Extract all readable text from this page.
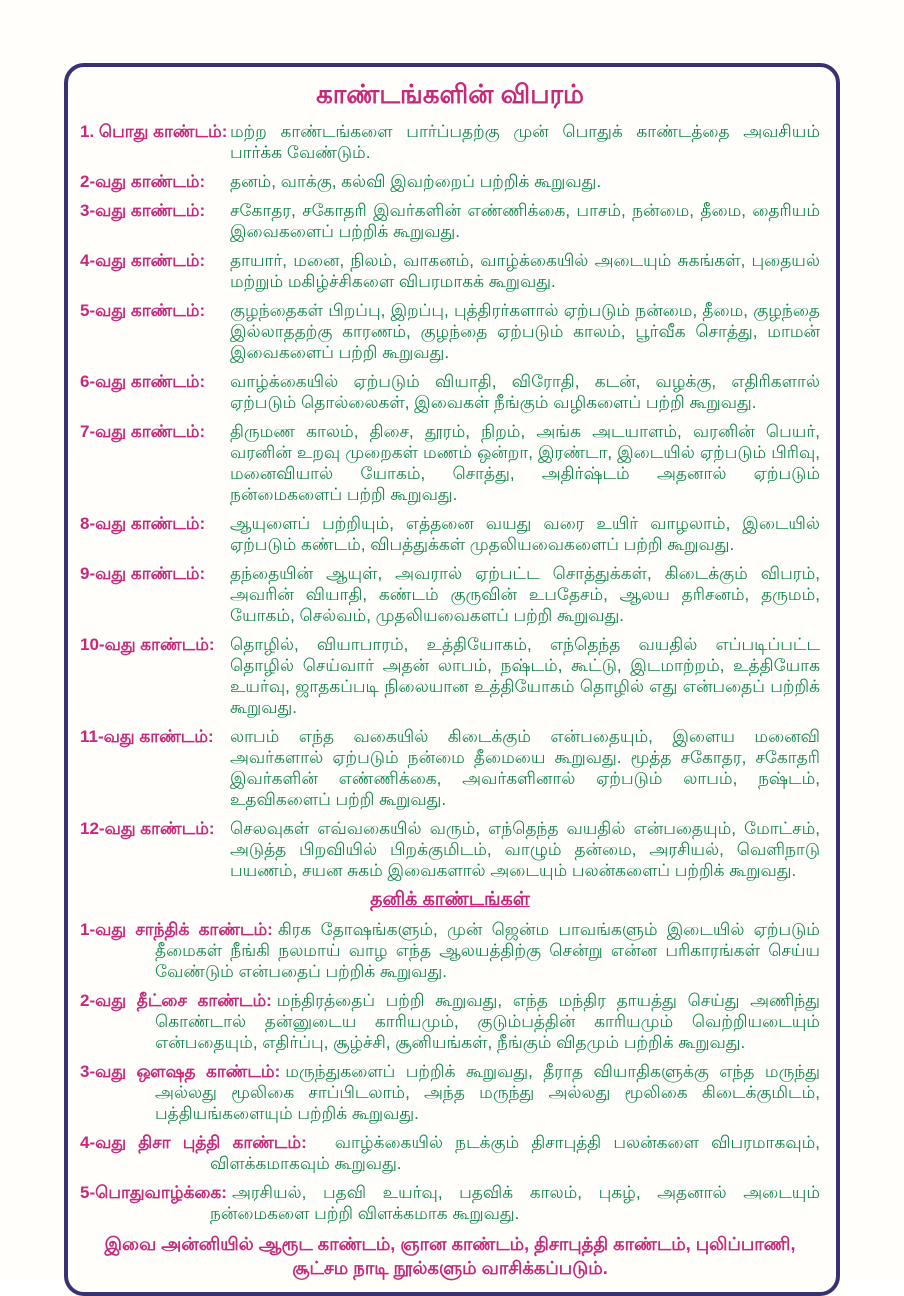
காண்டங்களின் விபரம்
1. பொது காண்டம்: மற்ற காண்டங்களை பார்ப்பதற்கு முன் பொதுக் காண்டத்தை அவசியம் பார்க்க வேண்டும்.
2-வது காண்டம்:	தனம், வாக்கு, கல்வி இவற்றைப் பற்றிக் கூறுவது.
3-வது காண்டம்:	சகோதர, சகோதரி இவர்களின் எண்ணிக்கை, பாசம், நன்மை, தீமை, தைரியம் இவைகளைப் பற்றிக் கூறுவது.
4-வது காண்டம்:	தாயார், மனை, நிலம், வாகனம், வாழ்க்கையில் அடையும் சுகங்கள், புதையல் மற்றும் மகிழ்ச்சிகளை விபரமாகக் கூறுவது.
5-வது காண்டம்:	குழந்தைகள் பிறப்பு, இறப்பு, புத்திரர்களால் ஏற்படும் நன்மை, தீமை, குழந்தை இல்லாததற்கு காரணம், குழந்தை ஏற்படும் காலம், பூர்வீக சொத்து, மாமன் இவைகளைப் பற்றி கூறுவது.
6-வது காண்டம்:	வாழ்க்கையில் ஏற்படும் வியாதி, விரோதி, கடன், வழக்கு, எதிரிகளால் ஏற்படும் தொல்லைகள், இவைகள் நீங்கும் வழிகளைப் பற்றி கூறுவது.
7-வது காண்டம்:	திருமண காலம், திசை, தூரம், நிறம், அங்க அடயாளம், வரனின் பெயர், வரனின் உறவு முறைகள் மணம் ஒன்றா, இரண்டா, இடையில் ஏற்படும் பிரிவு, மனைவியால் யோகம், சொத்து, அதிர்ஷ்டம் அதனால் ஏற்படும் நன்மைகளைப் பற்றி கூறுவது.
8-வது காண்டம்:	ஆயுளைப் பற்றியும், எத்தனை வயது வரை உயிர் வாழலாம், இடையில் ஏற்படும் கண்டம், விபத்துக்கள் முதலியவைகளைப் பற்றி கூறுவது.
9-வது காண்டம்:	தந்தையின் ஆயுள், அவரால் ஏற்பட்ட சொத்துக்கள், கிடைக்கும் விபரம், அவரின் வியாதி, கண்டம் குருவின் உபதேசம், ஆலய தரிசனம், தருமம், யோகம், செல்வம், முதலியவைகளப் பற்றி கூறுவது.
10-வது காண்டம்: தொழில், வியாபாரம், உத்தியோகம், எந்தெந்த வயதில் எப்படிப்பட்ட தொழில் செய்வார் அதன் லாபம், நஷ்டம், கூட்டு, இடமாற்றம், உத்தியோக உயர்வு, ஜாதகப்படி நிலையான உத்தியோகம் தொழில் எது என்பதைப் பற்றிக் கூறுவது.
11-வது காண்டம்: லாபம் எந்த வகையில் கிடைக்கும் என்பதையும், இளைய மனைவி அவர்களால் ஏற்படும் நன்மை தீமையை கூறுவது. மூத்த சகோதர, சகோதரி இவர்களின் எண்ணிக்கை, அவர்களினால் ஏற்படும் லாபம், நஷ்டம், உதவிகளைப் பற்றி கூறுவது.
12-வது காண்டம்: செலவுகள் எவ்வகையில் வரும், எந்தெந்த வயதில் என்பதையும், மோட்சம், அடுத்த பிறவியில் பிறக்குமிடம், வாழும் தன்மை, அரசியல், வெளிநாடு பயணம், சயன சுகம் இவைகளால் அடையும் பலன்களைப் பற்றிக் கூறுவது.
தனிக் காண்டங்கள்

1-வது சாந்திக் காண்டம்: கிரக தோஷங்களும், முன் ஜென்ம பாவங்களும் இடையில் ஏற்படும் தீமைகள் நீங்கி நலமாய் வாழ எந்த ஆலயத்திற்கு சென்று என்ன பரிகாரங்கள் செய்ய வேண்டும் என்பதைப் பற்றிக் கூறுவது.

2-வது தீட்சை காண்டம்: மந்திரத்தைப் பற்றி கூறுவது, எந்த மந்திர தாயத்து செய்து அணிந்து கொண்டால் தன்னுடைய காரியமும், குடும்பத்தின் காரியமும் வெற்றியடையும் என்பதையும், எதிர்ப்பு, சூழ்ச்சி, சூனியங்கள், நீங்கும் விதமும் பற்றிக் கூறுவது.

3-வது ஔஷத காண்டம்: மருந்துகளைப் பற்றிக் கூறுவது, தீராத வியாதிகளுக்கு எந்த மருந்து அல்லது மூலிகை சாப்பிடலாம், அந்த மருந்து அல்லது மூலிகை கிடைக்குமிடம், பத்தியங்களையும் பற்றிக் கூறுவது.

4-வது திசா புத்தி காண்டம்: வாழ்க்கையில் நடக்கும் திசாபுத்தி பலன்களை விபரமாகவும், விளக்கமாகவும் கூறுவது.

5-பொதுவாழ்க்கை: அரசியல், பதவி உயர்வு, பதவிக் காலம், புகழ், அதனால் அடையும் நன்மைகளை பற்றி விளக்கமாக கூறுவது.

இவை அன்னியில் ஆரூட காண்டம், ஞான காண்டம், திசாபுத்தி காண்டம், புலிப்பாணி, சூட்சம நாடி நூல்களும் வாசிக்கப்படும்.
